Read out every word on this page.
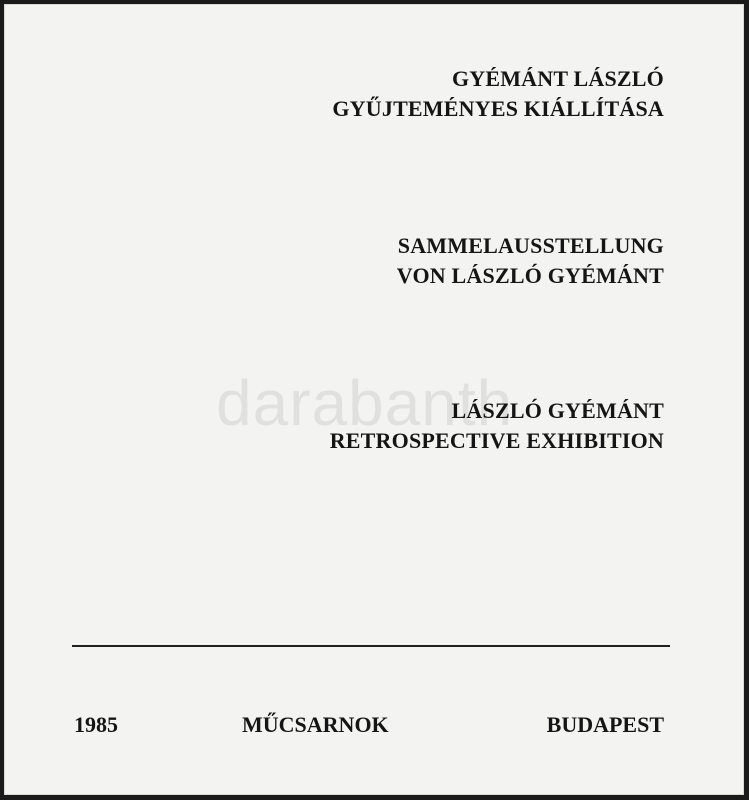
GYÉMÁNT LÁSZLÓ
GYŰJTEMÉNYES KIÁLLÍTÁSA
SAMMELAUSSTELLUNG
VON LÁSZLÓ GYÉMÁNT
darabanth
LÁSZLÓ GYÉMÁNT
RETROSPECTIVE EXHIBITION
1985	MŰCSARNOK	BUDAPEST
